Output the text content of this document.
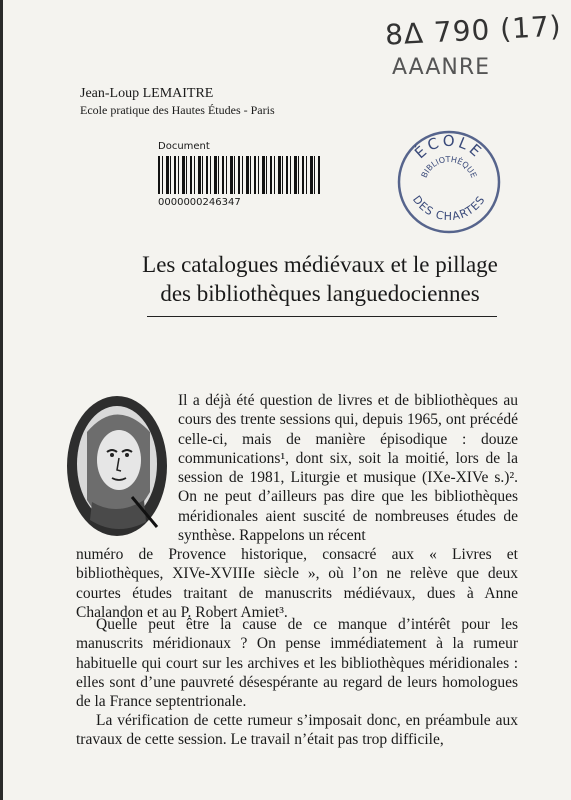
8Δ 790 (17)
AAANRE
Jean-Loup LEMAITRE
Ecole pratique des Hautes Études - Paris
Document
0000000246347
ÉCOLE
BIBLIOTHÈQUE
DES CHARTES
Les catalogues médiévaux et le pillage
des bibliothèques languedociennes
Il a déjà été question de livres et de bibliothèques au cours des trente sessions qui, depuis 1965, ont précédé celle-ci, mais de manière épisodique : douze communications¹, dont six, soit la moitié, lors de la session de 1981, Liturgie et musique (IXe-XIVe s.)². On ne peut d’ailleurs pas dire que les bibliothèques méridionales aient suscité de nombreuses études de synthèse. Rappelons un récent
numéro de Provence historique, consacré aux « Livres et bibliothèques, XIVe-XVIIIe siècle », où l’on ne relève que deux courtes études traitant de manuscrits médiévaux, dues à Anne Chalandon et au P. Robert Amiet³.
Quelle peut être la cause de ce manque d’intérêt pour les manuscrits méridionaux ? On pense immédiatement à la rumeur habituelle qui court sur les archives et les bibliothèques méridionales : elles sont d’une pauvreté désespérante au regard de leurs homologues de la France septentrionale.
La vérification de cette rumeur s’imposait donc, en préambule aux travaux de cette session. Le travail n’était pas trop difficile,
